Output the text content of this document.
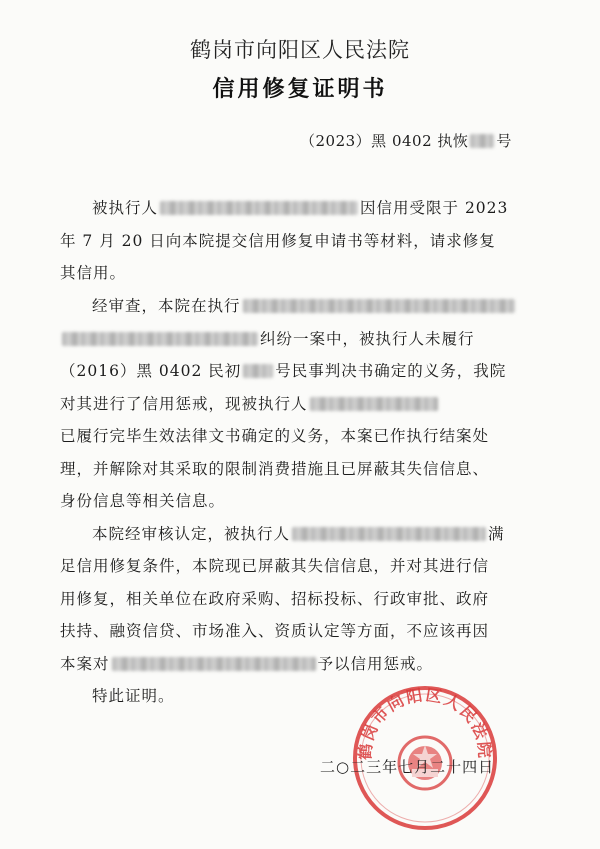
鹤岗市向阳区人民法院
信用修复证明书
（2023）黑 0402 执恢 号
被执行人	因信用受限于 2023
年 7 月 20 日向本院提交信用修复申请书等材料，请求修复
其信用。
经审查，本院在执行
纠纷一案中，被执行人未履行
（2016）黑 0402 民初 号民事判决书确定的义务，我院
对其进行了信用惩戒，现被执行人
已履行完毕生效法律文书确定的义务，本案已作执行结案处
理，并解除对其采取的限制消费措施且已屏蔽其失信信息、
身份信息等相关信息。
本院经审核认定，被执行人	满
足信用修复条件，本院现已屏蔽其失信信息，并对其进行信
用修复，相关单位在政府采购、招标投标、行政审批、政府
扶持、融资信贷、市场准入、资质认定等方面，不应该再因
本案对	予以信用惩戒。
特此证明。
鹤岗市向阳区人民法院
二○二三年七月二十四日
